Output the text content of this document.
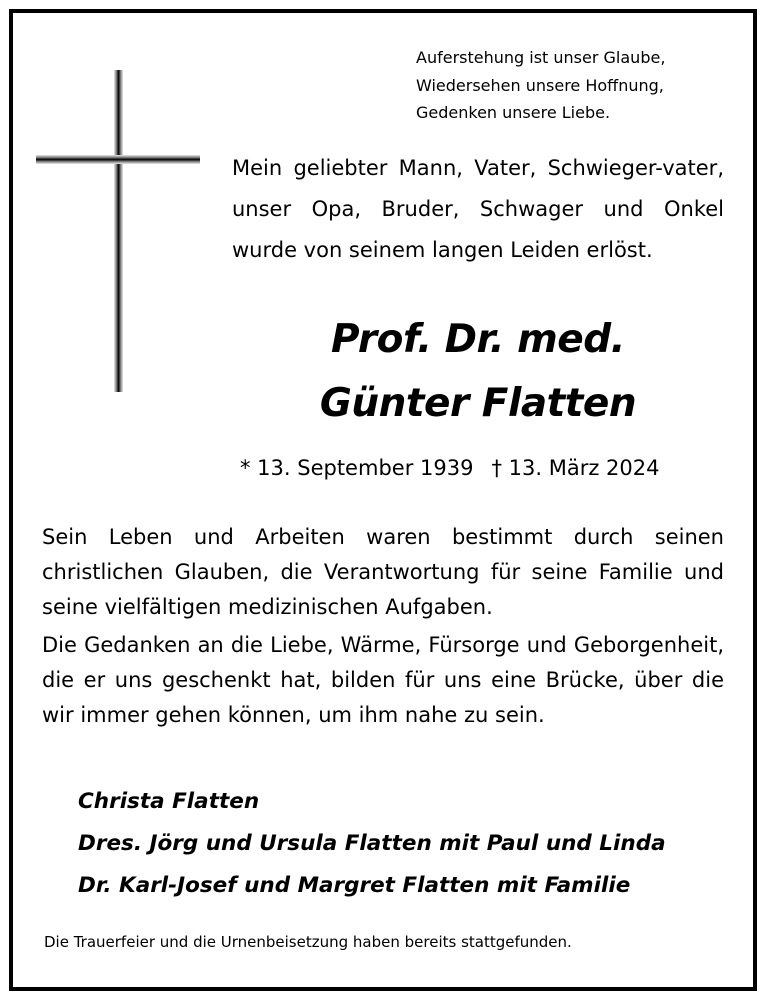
Auferstehung ist unser Glaube,
Wiedersehen unsere Hoffnung,
Gedenken unsere Liebe.
Mein geliebter Mann, Vater, Schwieger-vater, unser Opa, Bruder, Schwager und Onkel wurde von seinem langen Leiden erlöst.
Prof. Dr. med.
Günter Flatten
* 13. September 1939 † 13. März 2024
Sein Leben und Arbeiten waren bestimmt durch seinen christlichen Glauben, die Verantwortung für seine Familie und seine vielfältigen medizinischen Aufgaben.
Die Gedanken an die Liebe, Wärme, Fürsorge und Geborgenheit, die er uns geschenkt hat, bilden für uns eine Brücke, über die wir immer gehen können, um ihm nahe zu sein.
Christa Flatten
Dres. Jörg und Ursula Flatten mit Paul und Linda
Dr. Karl-Josef und Margret Flatten mit Familie
Die Trauerfeier und die Urnenbeisetzung haben bereits stattgefunden.
